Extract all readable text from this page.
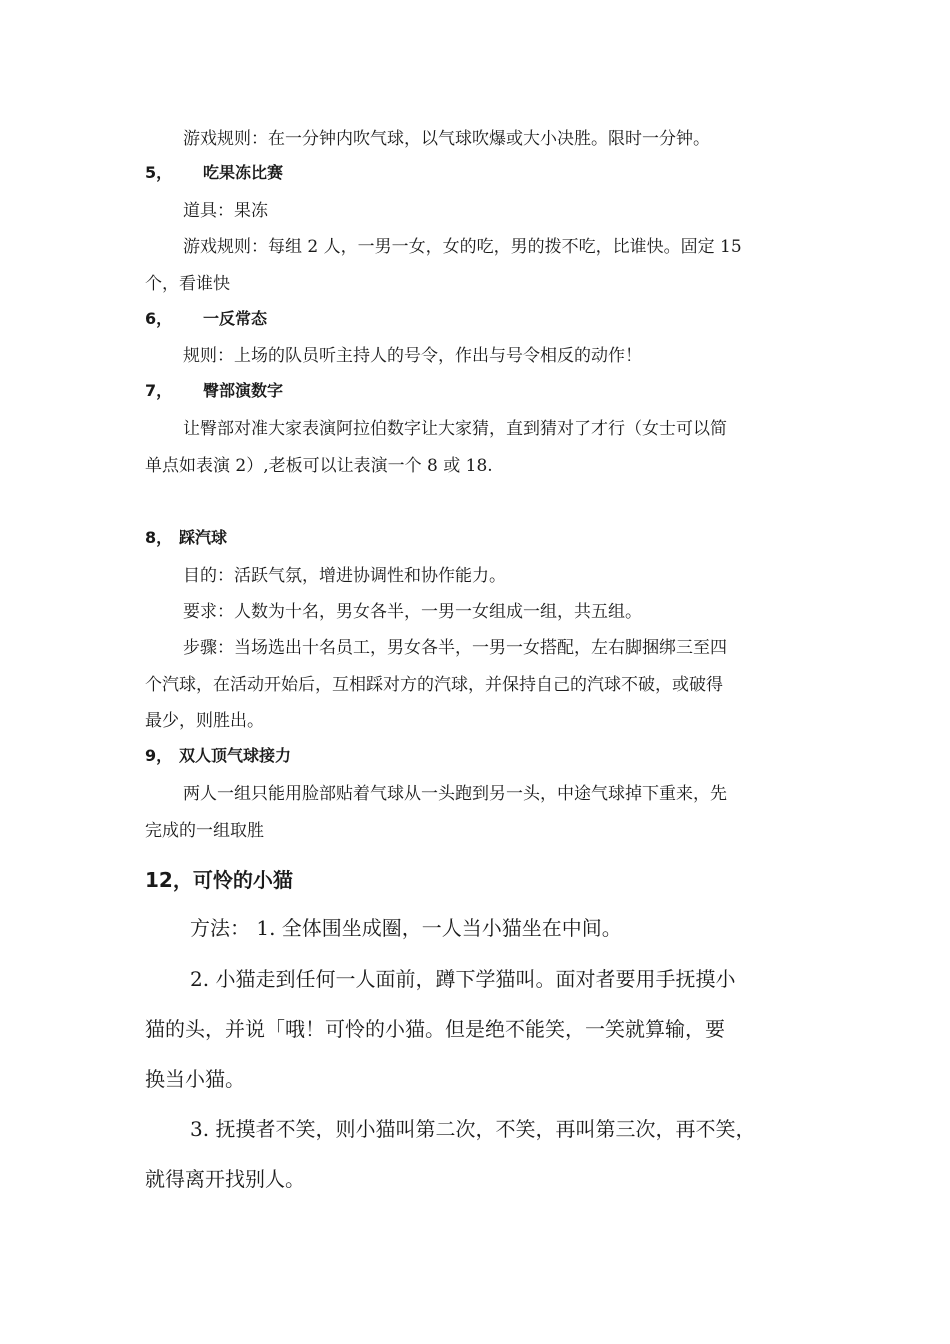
游戏规则：在一分钟内吹气球，以气球吹爆或大小决胜。限时一分钟。
5， 吃果冻比赛
道具：果冻
游戏规则：每组 2 人，一男一女，女的吃，男的拨不吃，比谁快。固定 15
个，看谁快
6， 一反常态
规则：上场的队员听主持人的号令，作出与号令相反的动作！
7， 臀部演数字
让臀部对准大家表演阿拉伯数字让大家猜，直到猜对了才行（女士可以简
单点如表演 2）,老板可以让表演一个 8 或 18.
8， 踩汽球
目的：活跃气氛，增进协调性和协作能力。
要求：人数为十名，男女各半，一男一女组成一组，共五组。
步骤：当场选出十名员工，男女各半，一男一女搭配，左右脚捆绑三至四
个汽球，在活动开始后，互相踩对方的汽球，并保持自己的汽球不破，或破得
最少，则胜出。
9， 双人顶气球接力
两人一组只能用脸部贴着气球从一头跑到另一头，中途气球掉下重来，先
完成的一组取胜
12，可怜的小猫
方法： 1. 全体围坐成圈，一人当小猫坐在中间。
2. 小猫走到任何一人面前，蹲下学猫叫。面对者要用手抚摸小
猫的头，并说「哦！可怜的小猫。但是绝不能笑，一笑就算输，要
换当小猫。
3. 抚摸者不笑，则小猫叫第二次，不笑，再叫第三次，再不笑，
就得离开找别人。
